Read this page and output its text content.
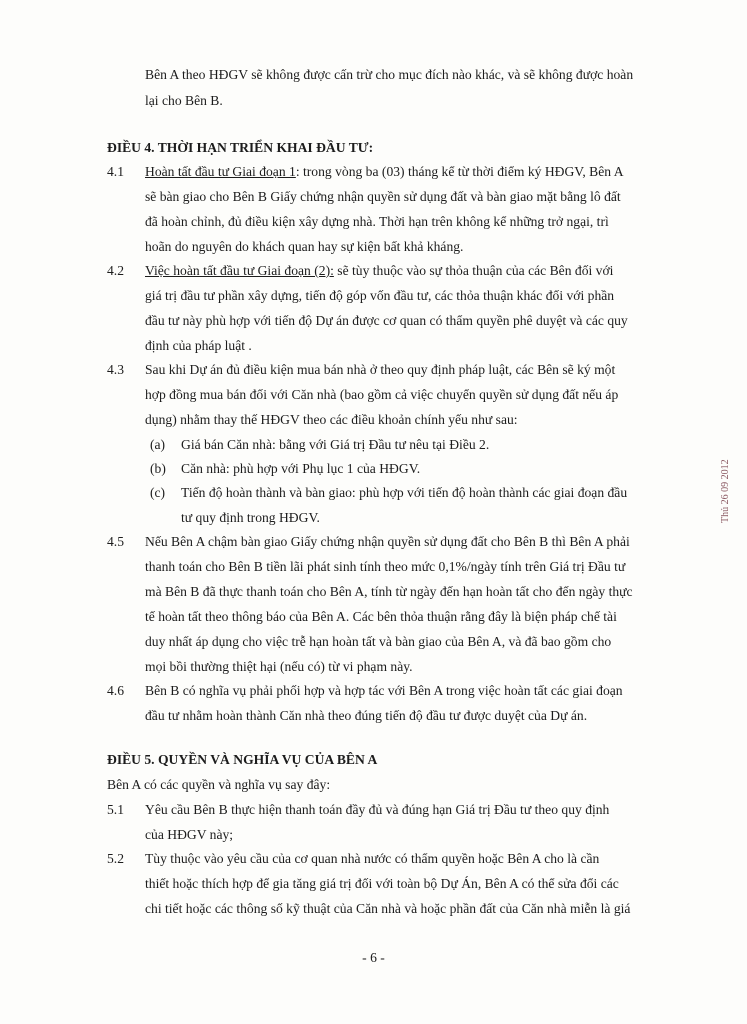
Bên A theo HĐGV sẽ không được cấn trừ cho mục đích nào khác, và sẽ không được hoàn
lại cho Bên B.
ĐIỀU 4. THỜI HẠN TRIỂN KHAI ĐẦU TƯ:
4.1 Hoàn tất đầu tư Giai đoạn 1: trong vòng ba (03) tháng kể từ thời điểm ký HĐGV, Bên A
sẽ bàn giao cho Bên B Giấy chứng nhận quyền sử dụng đất và bàn giao mặt bằng lô đất
đã hoàn chỉnh, đủ điều kiện xây dựng nhà. Thời hạn trên không kể những trở ngại, trì
hoãn do nguyên do khách quan hay sự kiện bất khả kháng.
4.2 Việc hoàn tất đầu tư Giai đoạn (2): sẽ tùy thuộc vào sự thỏa thuận của các Bên đối với
giá trị đầu tư phần xây dựng, tiến độ góp vốn đầu tư, các thỏa thuận khác đối với phần
đầu tư này phù hợp với tiến độ Dự án được cơ quan có thẩm quyền phê duyệt và các quy
định của pháp luật .
4.3 Sau khi Dự án đủ điều kiện mua bán nhà ở theo quy định pháp luật, các Bên sẽ ký một
hợp đồng mua bán đối với Căn nhà (bao gồm cả việc chuyển quyền sử dụng đất nếu áp
dụng) nhằm thay thế HĐGV theo các điều khoản chính yếu như sau:
(a) Giá bán Căn nhà: bằng với Giá trị Đầu tư nêu tại Điều 2.
(b) Căn nhà: phù hợp với Phụ lục 1 của HĐGV.
(c) Tiến độ hoàn thành và bàn giao: phù hợp với tiến độ hoàn thành các giai đoạn đầu
tư quy định trong HĐGV.
4.5 Nếu Bên A chậm bàn giao Giấy chứng nhận quyền sử dụng đất cho Bên B thì Bên A phải
thanh toán cho Bên B tiền lãi phát sinh tính theo mức 0,1%/ngày tính trên Giá trị Đầu tư
mà Bên B đã thực thanh toán cho Bên A, tính từ ngày đến hạn hoàn tất cho đến ngày thực
tế hoàn tất theo thông báo của Bên A. Các bên thỏa thuận rằng đây là biện pháp chế tài
duy nhất áp dụng cho việc trễ hạn hoàn tất và bàn giao của Bên A, và đã bao gồm cho
mọi bồi thường thiệt hại (nếu có) từ vi phạm này.
4.6 Bên B có nghĩa vụ phải phối hợp và hợp tác với Bên A trong việc hoàn tất các giai đoạn
đầu tư nhằm hoàn thành Căn nhà theo đúng tiến độ đầu tư được duyệt của Dự án.
ĐIỀU 5. QUYỀN VÀ NGHĨA VỤ CỦA BÊN A
Bên A có các quyền và nghĩa vụ say đây:
5.1 Yêu cầu Bên B thực hiện thanh toán đầy đủ và đúng hạn Giá trị Đầu tư theo quy định
của HĐGV này;
5.2 Tùy thuộc vào yêu cầu của cơ quan nhà nước có thẩm quyền hoặc Bên A cho là cần
thiết hoặc thích hợp để gia tăng giá trị đối với toàn bộ Dự Án, Bên A có thể sửa đổi các
chi tiết hoặc các thông số kỹ thuật của Căn nhà và hoặc phần đất của Căn nhà miễn là giá
- 6 -
Thủ 26 09 2012
